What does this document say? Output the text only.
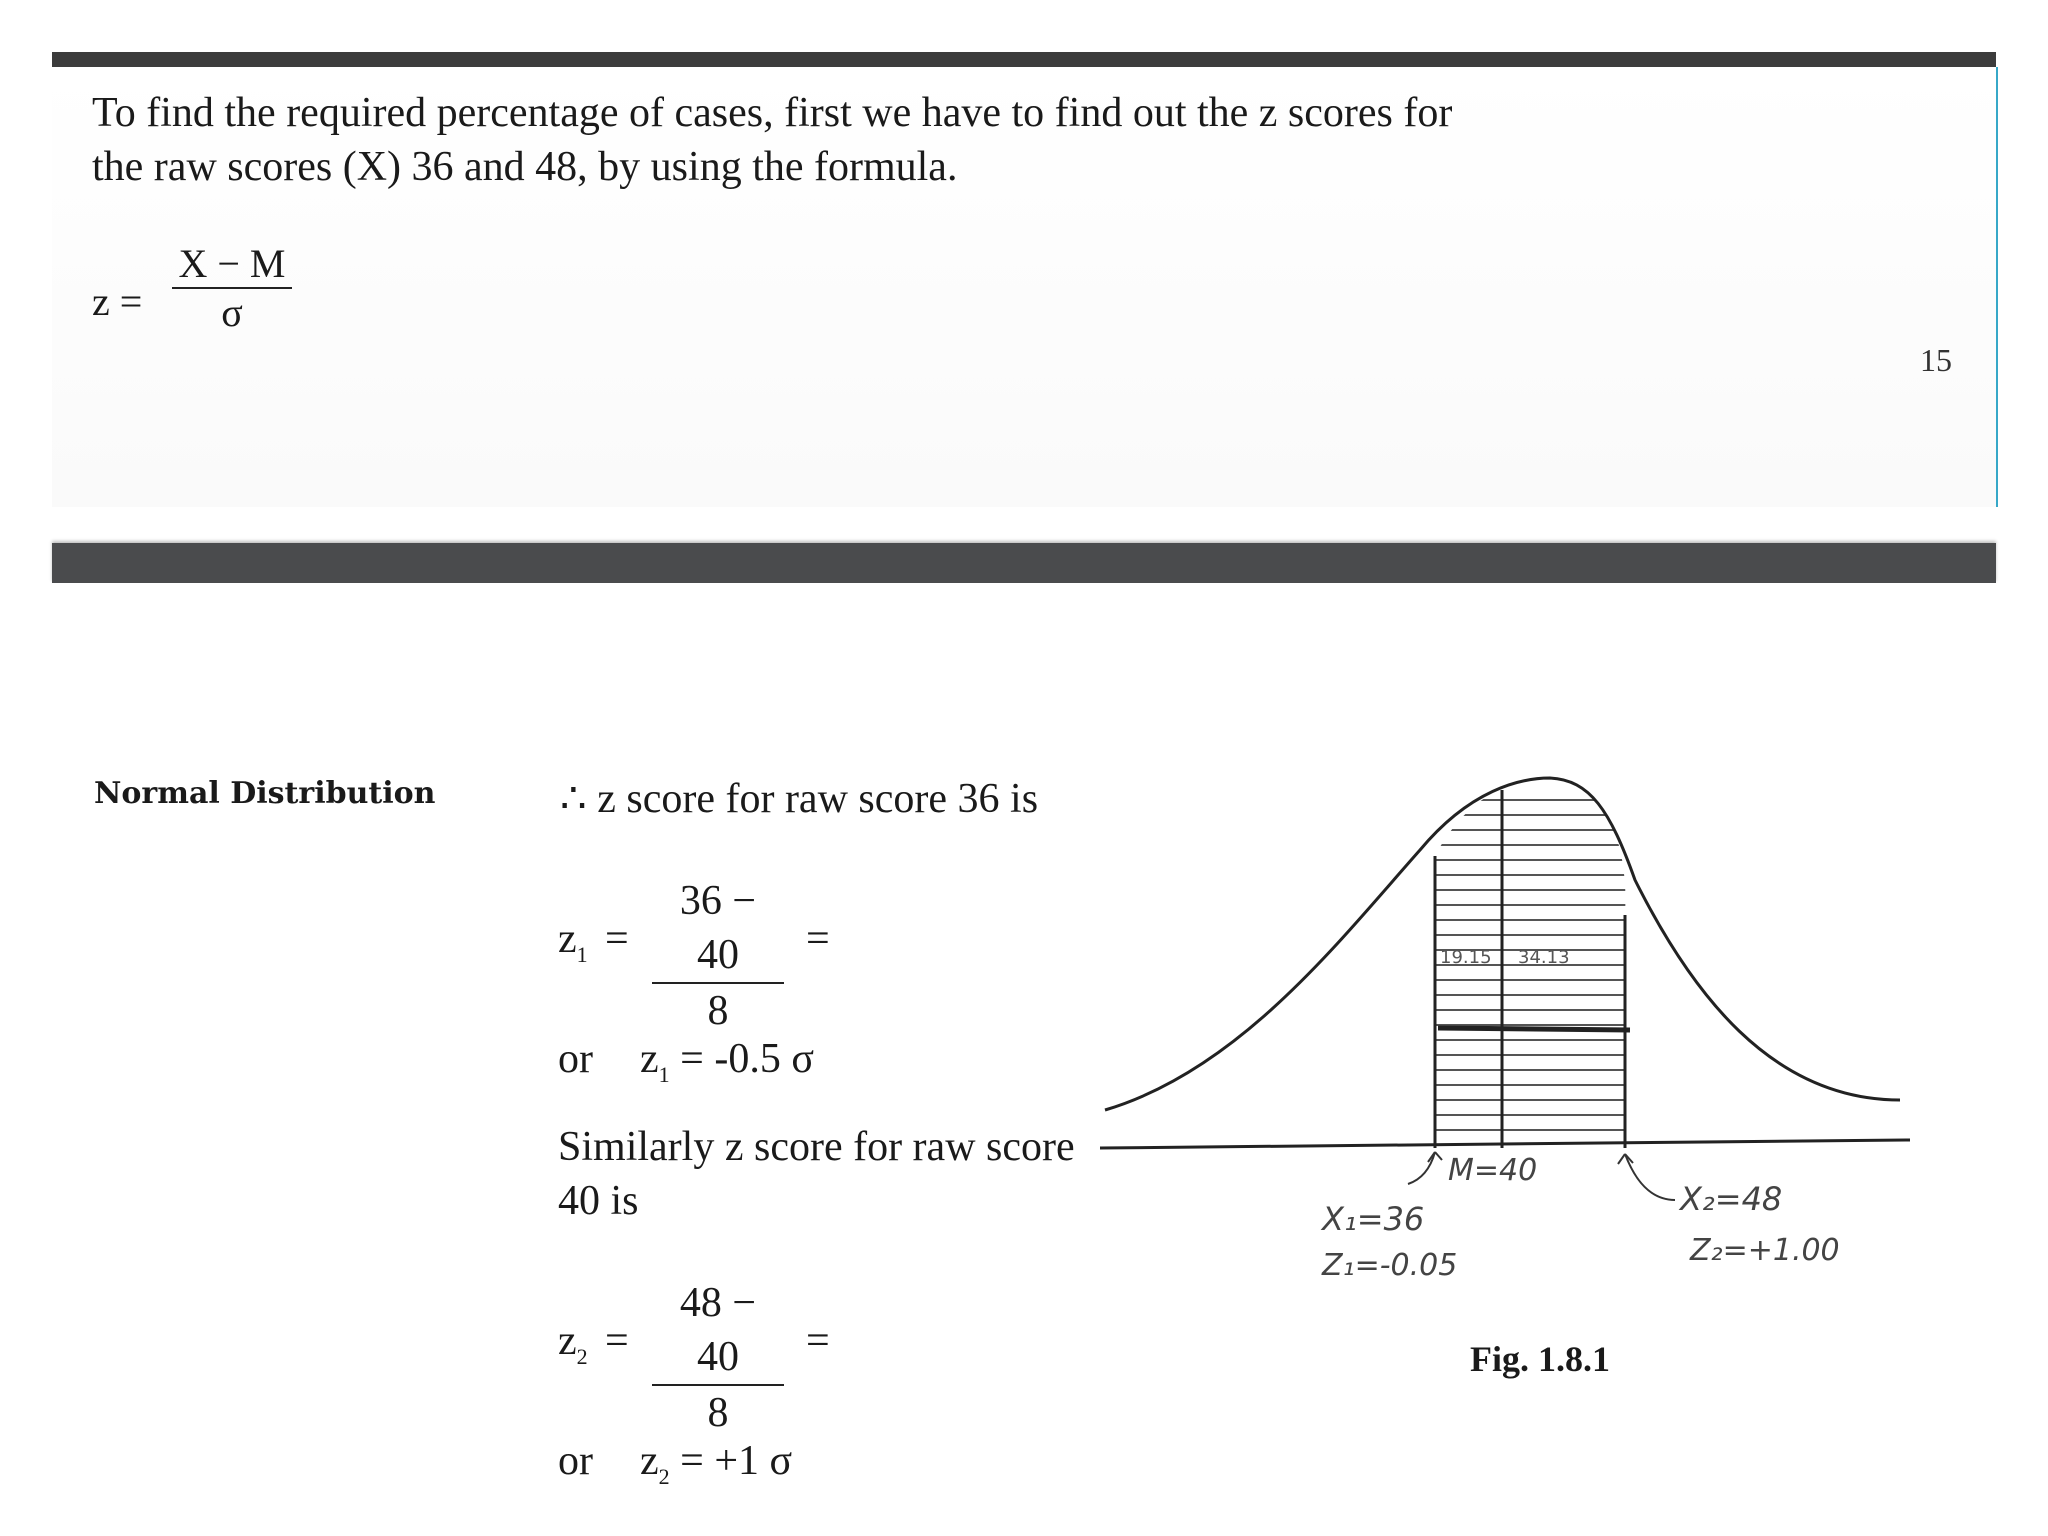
To find the required percentage of cases, first we have to find out the z scores for
the raw scores (X) 36 and 48, by using the formula.
z =
X − M
σ
15
Normal Distribution	∴ z score for raw score 36 is
$z_1$ =
36 − 40
8
=
or $z_1 = -0.5$ σ
Similarly z score for raw score
40 is
$z_2$ =
48 − 40
8
=
or $z_2 = +1$ σ
19.15 34.13
M=40
X₁=36
Z₁=-0.05
X₂=48
Z₂=+1.00
Fig. 1.8.1
